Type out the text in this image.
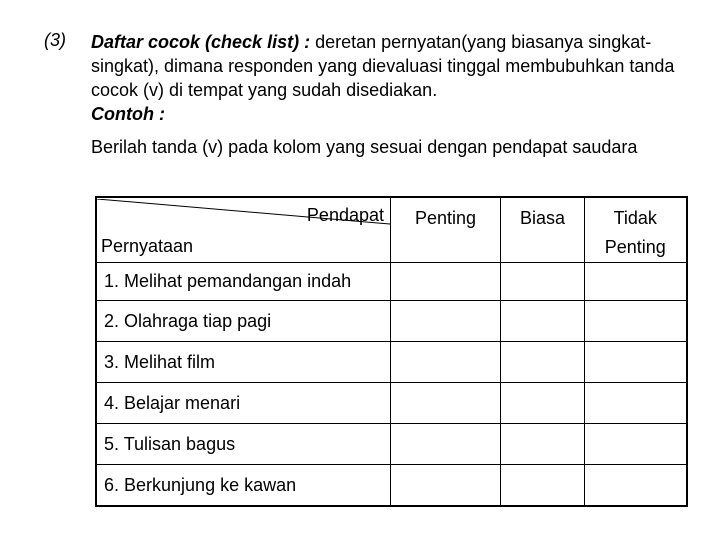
(3) Daftar cocok (check list) : deretan pernyatan(yang biasanya singkat-singkat), dimana responden yang dievaluasi tinggal membubuhkan tanda cocok (v) di tempat yang sudah disediakan.
Contoh :
Berilah tanda (v) pada kolom yang sesuai dengan pendapat saudara
Pendapat
Pernyataan	Penting	Biasa	Tidak Penting
1. Melihat pemandangan indah			
2. Olahraga tiap pagi			
3. Melihat film			
4. Belajar menari			
5. Tulisan bagus			
6. Berkunjung ke kawan			
